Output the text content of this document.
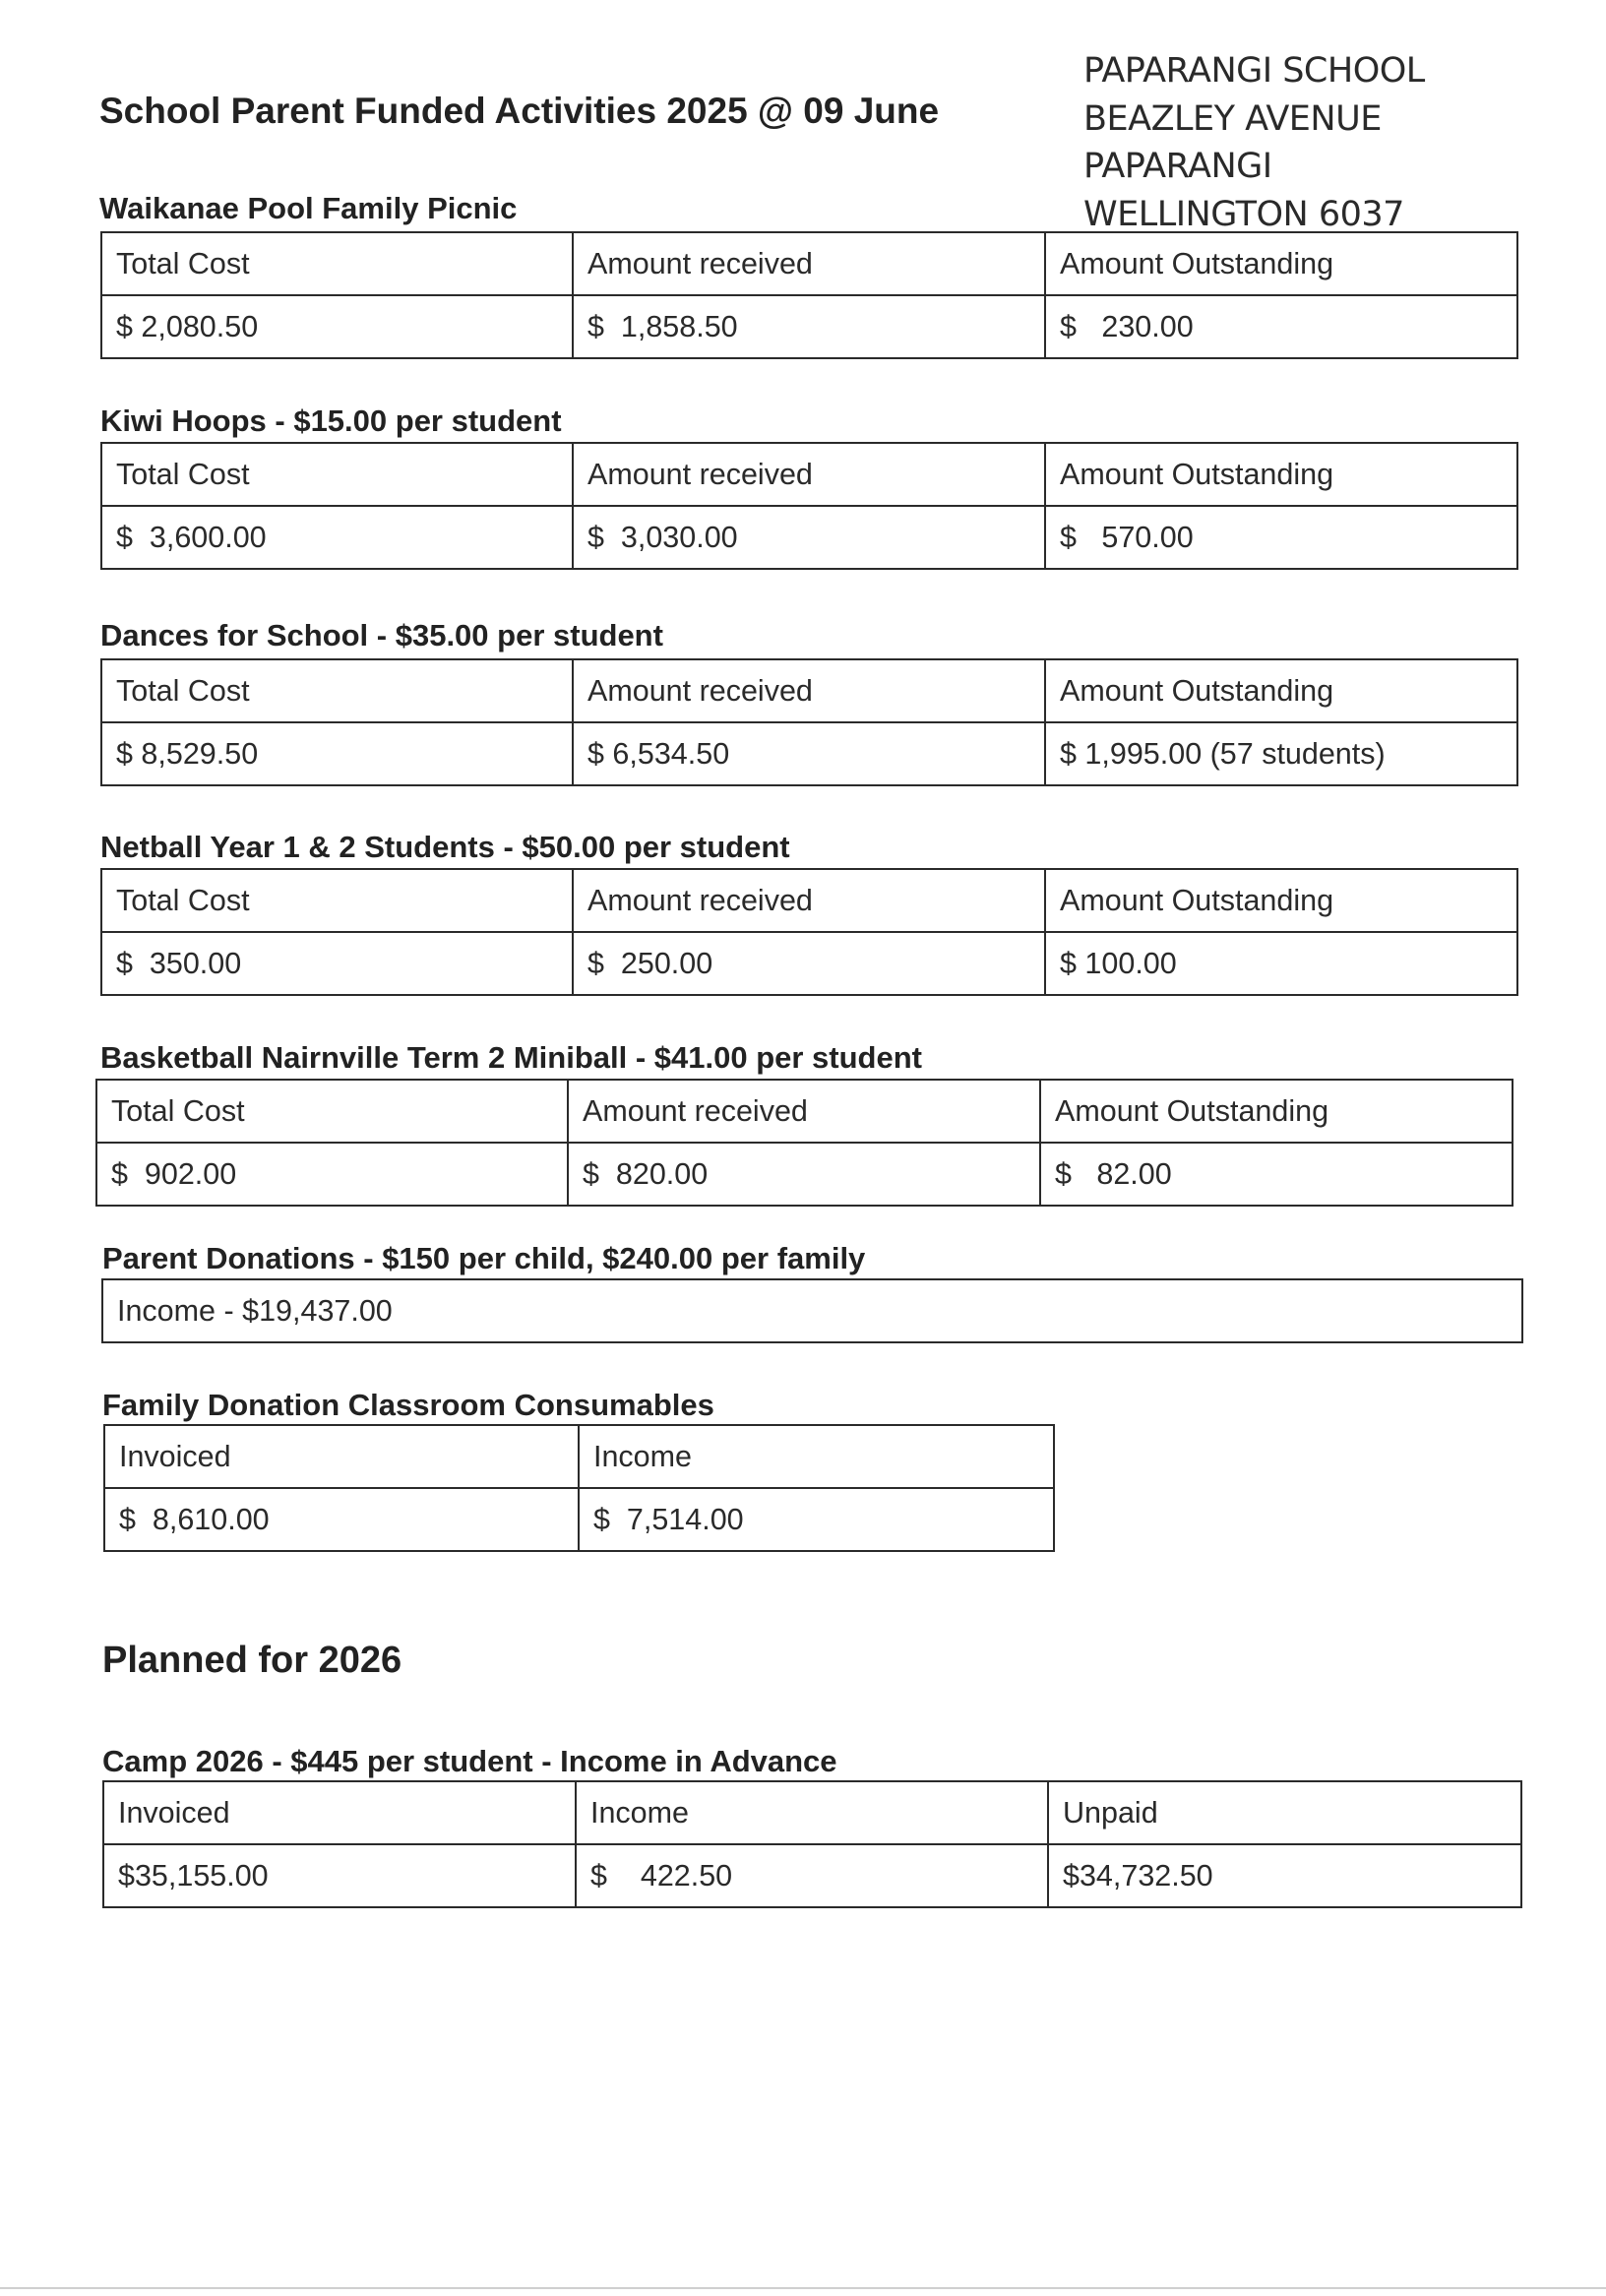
School Parent Funded Activities 2025 @ 09 June
PAPARANGI SCHOOL
BEAZLEY AVENUE
PAPARANGI
WELLINGTON 6037
Waikanae Pool Family Picnic
Total Cost	Amount received	Amount Outstanding
$ 2,080.50	$  1,858.50	$   230.00
Kiwi Hoops - $15.00 per student
Total Cost	Amount received	Amount Outstanding
$  3,600.00	$  3,030.00	$   570.00
Dances for School - $35.00 per student
Total Cost	Amount received	Amount Outstanding
$ 8,529.50	$ 6,534.50	$ 1,995.00 (57 students)
Netball Year 1 & 2 Students - $50.00 per student
Total Cost	Amount received	Amount Outstanding
$  350.00	$  250.00	$ 100.00
Basketball Nairnville Term 2 Miniball - $41.00 per student
Total Cost	Amount received	Amount Outstanding
$  902.00	$  820.00	$   82.00
Parent Donations - $150 per child, $240.00 per family
Income - $19,437.00
Family Donation Classroom Consumables
Invoiced	Income
$  8,610.00	$  7,514.00
Planned for 2026
Camp 2026 - $445 per student - Income in Advance
Invoiced	Income	Unpaid
$35,155.00	$    422.50	$34,732.50
